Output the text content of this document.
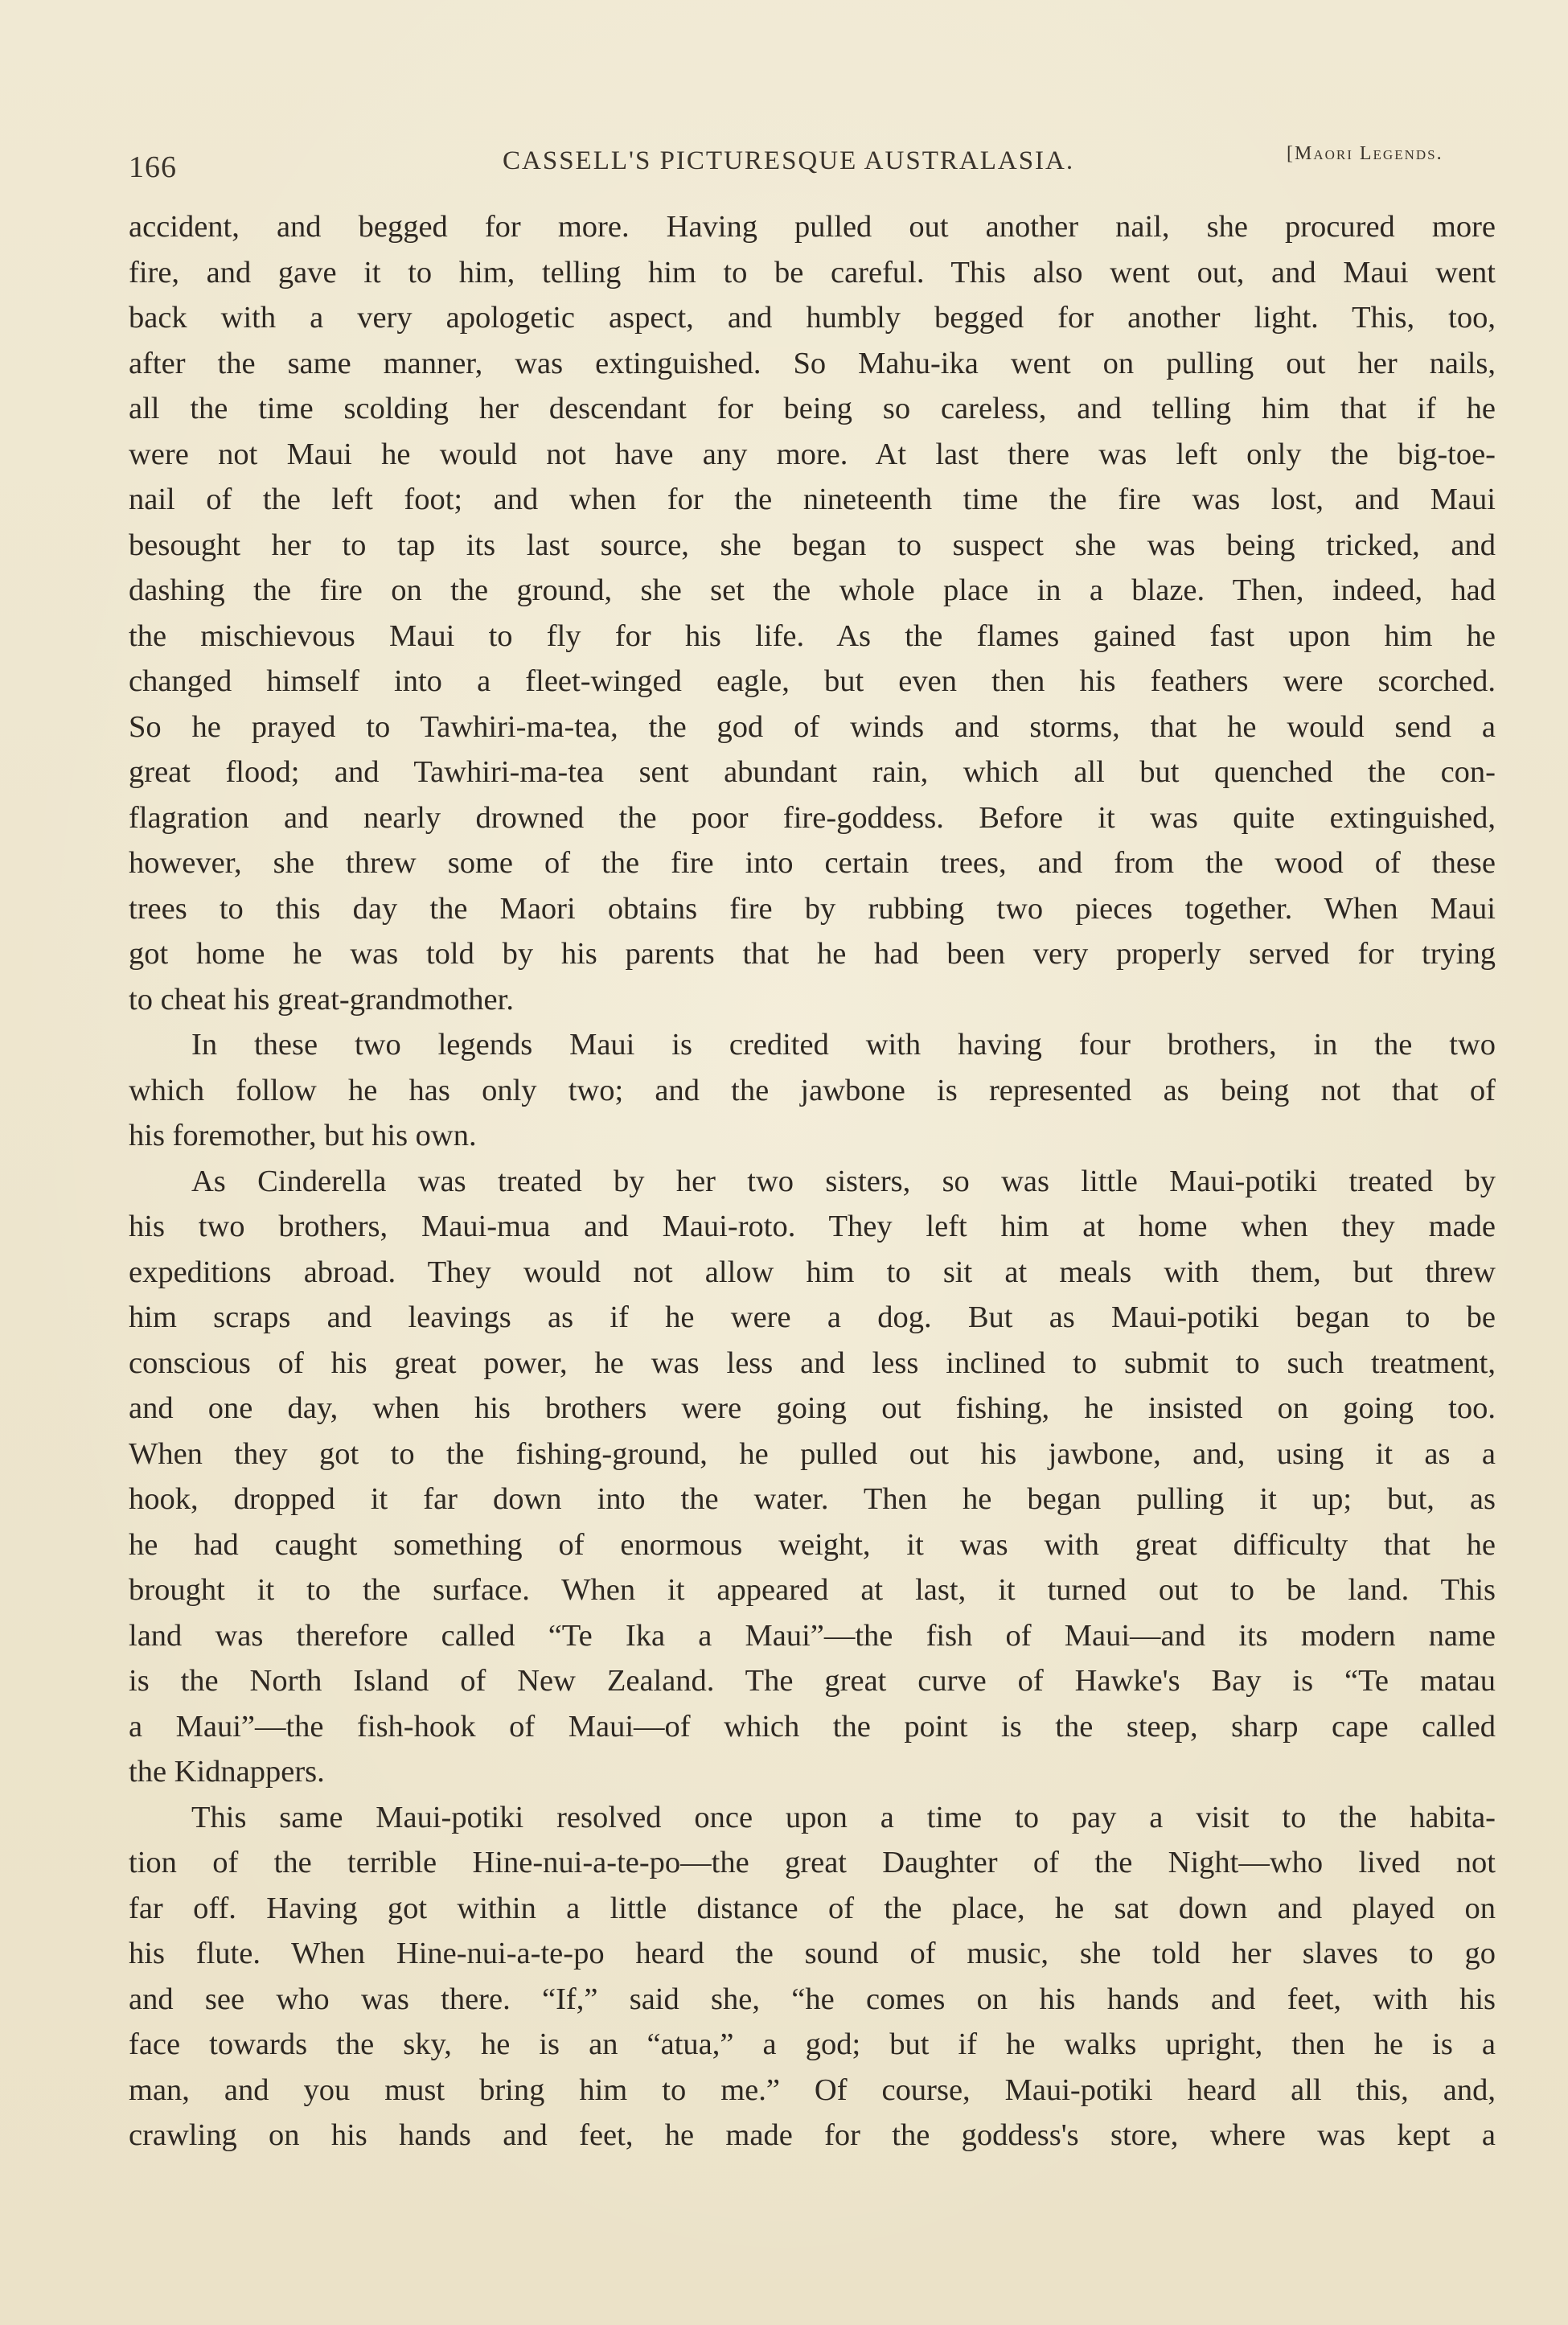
166	CASSELL'S PICTURESQUE AUSTRALASIA.	[Maori Legends.
accident, and begged for more. Having pulled out another nail, she procured more
fire, and gave it to him, telling him to be careful. This also went out, and Maui went
back with a very apologetic aspect, and humbly begged for another light. This, too,
after the same manner, was extinguished. So Mahu-ika went on pulling out her nails,
all the time scolding her descendant for being so careless, and telling him that if he
were not Maui he would not have any more. At last there was left only the big-toe-
nail of the left foot; and when for the nineteenth time the fire was lost, and Maui
besought her to tap its last source, she began to suspect she was being tricked, and
dashing the fire on the ground, she set the whole place in a blaze. Then, indeed, had
the mischievous Maui to fly for his life. As the flames gained fast upon him he
changed himself into a fleet-winged eagle, but even then his feathers were scorched.
So he prayed to Tawhiri-ma-tea, the god of winds and storms, that he would send a
great flood; and Tawhiri-ma-tea sent abundant rain, which all but quenched the con-
flagration and nearly drowned the poor fire-goddess. Before it was quite extinguished,
however, she threw some of the fire into certain trees, and from the wood of these
trees to this day the Maori obtains fire by rubbing two pieces together. When Maui
got home he was told by his parents that he had been very properly served for trying
to cheat his great-grandmother.
In these two legends Maui is credited with having four brothers, in the two
which follow he has only two; and the jawbone is represented as being not that of
his foremother, but his own.
As Cinderella was treated by her two sisters, so was little Maui-potiki treated by
his two brothers, Maui-mua and Maui-roto. They left him at home when they made
expeditions abroad. They would not allow him to sit at meals with them, but threw
him scraps and leavings as if he were a dog. But as Maui-potiki began to be
conscious of his great power, he was less and less inclined to submit to such treatment,
and one day, when his brothers were going out fishing, he insisted on going too.
When they got to the fishing-ground, he pulled out his jawbone, and, using it as a
hook, dropped it far down into the water. Then he began pulling it up; but, as
he had caught something of enormous weight, it was with great difficulty that he
brought it to the surface. When it appeared at last, it turned out to be land. This
land was therefore called “Te Ika a Maui”—the fish of Maui—and its modern name
is the North Island of New Zealand. The great curve of Hawke's Bay is “Te matau
a Maui”—the fish-hook of Maui—of which the point is the steep, sharp cape called
the Kidnappers.
This same Maui-potiki resolved once upon a time to pay a visit to the habita-
tion of the terrible Hine-nui-a-te-po—the great Daughter of the Night—who lived not
far off. Having got within a little distance of the place, he sat down and played on
his flute. When Hine-nui-a-te-po heard the sound of music, she told her slaves to go
and see who was there. “If,” said she, “he comes on his hands and feet, with his
face towards the sky, he is an “atua,” a god; but if he walks upright, then he is a
man, and you must bring him to me.” Of course, Maui-potiki heard all this, and,
crawling on his hands and feet, he made for the goddess's store, where was kept a
